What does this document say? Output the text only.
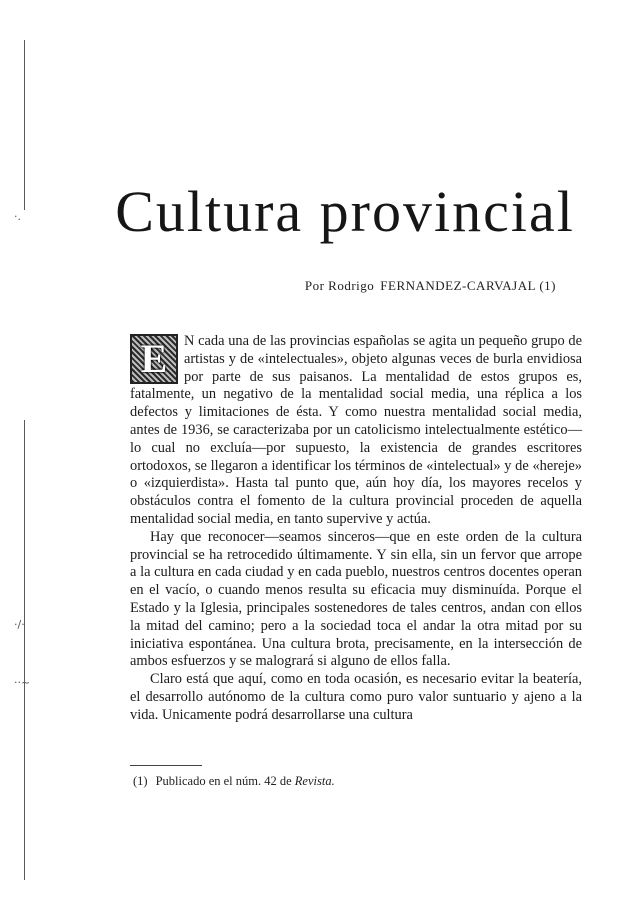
·.
·/·
··~
Cultura provincial
Por Rodrigo FERNANDEZ-CARVAJAL (1)

E	N cada una de las provincias españolas se agita un pequeño grupo de artistas y de «intelectuales», objeto algunas veces de burla envidiosa por parte de sus paisanos. La mentalidad de estos grupos es, fatalmente, un negativo de la mentalidad social media, una réplica a los defectos y limitaciones de ésta. Y como nuestra mentalidad social media, antes de 1936, se caracterizaba por un catolicismo intelectualmente estético—lo cual no excluía—por supuesto, la existencia de grandes escritores ortodoxos, se llegaron a identificar los términos de «intelectual» y de «hereje» o «izquierdista». Hasta tal punto que, aún hoy día, los mayores recelos y obstáculos contra el fomento de la cultura provincial proceden de aquella mentalidad social media, en tanto supervive y actúa.

Hay que reconocer—seamos sinceros—que en este orden de la cultura provincial se ha retrocedido últimamente. Y sin ella, sin un fervor que arrope a la cultura en cada ciudad y en cada pueblo, nuestros centros docentes operan en el vacío, o cuando menos resulta su eficacia muy disminuída. Porque el Estado y la Iglesia, principales sostenedores de tales centros, andan con ellos la mitad del camino; pero a la sociedad toca el andar la otra mitad por su iniciativa espontánea. Una cultura brota, precisamente, en la intersección de ambos esfuerzos y se malogrará si alguno de ellos falla.

Claro está que aquí, como en toda ocasión, es necesario evitar la beatería, el desarrollo autónomo de la cultura como puro valor suntuario y ajeno a la vida. Unicamente podrá desarrollarse una cultura

(1) Publicado en el núm. 42 de Revista.
